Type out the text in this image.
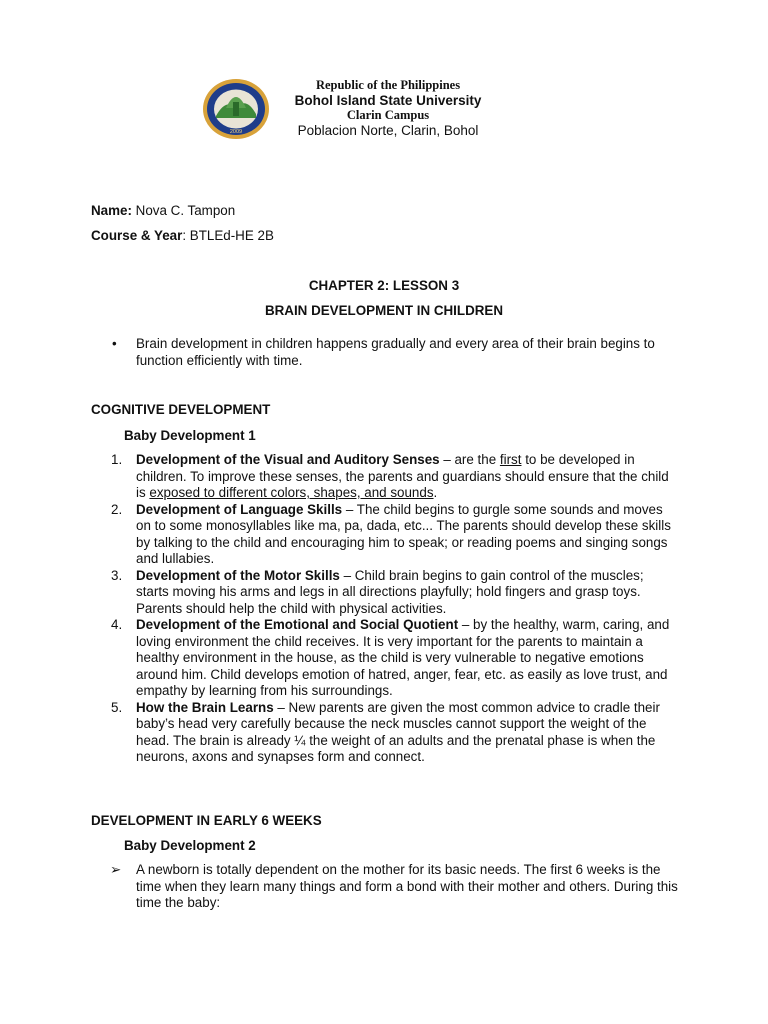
2009
Republic of the Philippines
Bohol Island State University
Clarin Campus
Poblacion Norte, Clarin, Bohol
Name: Nova C. Tampon
Course & Year: BTLEd-HE 2B
CHAPTER 2: LESSON 3
BRAIN DEVELOPMENT IN CHILDREN
• Brain development in children happens gradually and every area of their brain begins to function efficiently with time.
COGNITIVE DEVELOPMENT
Baby Development 1
1. Development of the Visual and Auditory Senses – are the first to be developed in children. To improve these senses, the parents and guardians should ensure that the child is exposed to different colors, shapes, and sounds.
2. Development of Language Skills – The child begins to gurgle some sounds and moves on to some monosyllables like ma, pa, dada, etc... The parents should develop these skills by talking to the child and encouraging him to speak; or reading poems and singing songs and lullabies.
3. Development of the Motor Skills – Child brain begins to gain control of the muscles; starts moving his arms and legs in all directions playfully; hold fingers and grasp toys. Parents should help the child with physical activities.
4. Development of the Emotional and Social Quotient – by the healthy, warm, caring, and loving environment the child receives. It is very important for the parents to maintain a healthy environment in the house, as the child is very vulnerable to negative emotions around him. Child develops emotion of hatred, anger, fear, etc. as easily as love trust, and empathy by learning from his surroundings.
5. How the Brain Learns – New parents are given the most common advice to cradle their baby’s head very carefully because the neck muscles cannot support the weight of the head. The brain is already ¼ the weight of an adults and the prenatal phase is when the neurons, axons and synapses form and connect.
DEVELOPMENT IN EARLY 6 WEEKS
Baby Development 2
➢ A newborn is totally dependent on the mother for its basic needs. The first 6 weeks is the time when they learn many things and form a bond with their mother and others. During this time the baby:
